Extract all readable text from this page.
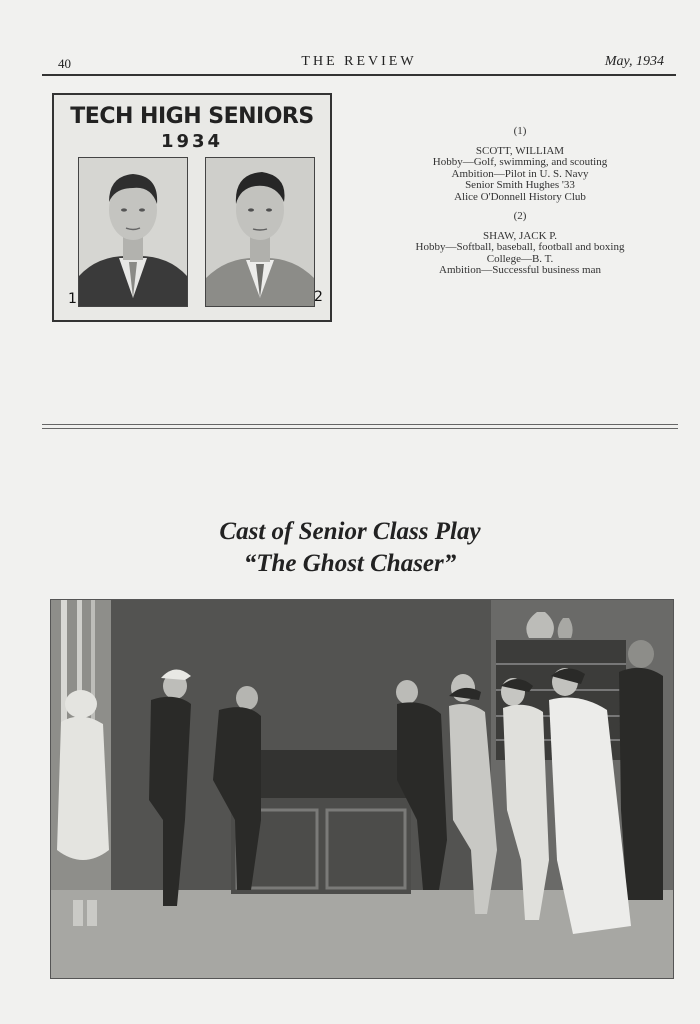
40	THE REVIEW	May, 1934
TECH HIGH SENIORS
1934
1	2
(1)
SCOTT, WILLIAM
Hobby—Golf, swimming, and scouting
Ambition—Pilot in U. S. Navy
Senior Smith Hughes '33
Alice O'Donnell History Club
(2)
SHAW, JACK P.
Hobby—Softball, baseball, football and boxing
College—B. T.
Ambition—Successful business man
Cast of Senior Class Play
“The Ghost Chaser”
